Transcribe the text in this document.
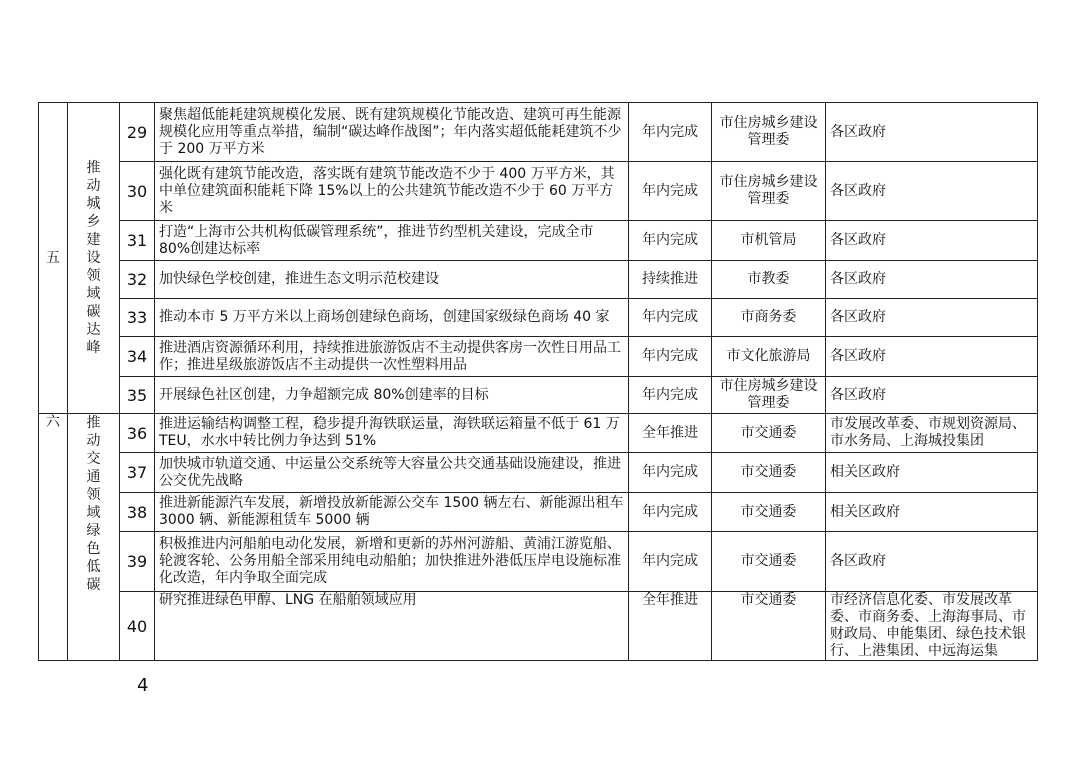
五	推动城乡建设领域碳达峰	29	聚焦超低能耗建筑规模化发展、既有建筑规模化节能改造、建筑可再生能源规模化应用等重点举措，编制“碳达峰作战图”；年内落实超低能耗建筑不少于 200 万平方米	年内完成	市住房城乡建设管理委	各区政府
		30	强化既有建筑节能改造，落实既有建筑节能改造不少于 400 万平方米，其中单位建筑面积能耗下降 15%以上的公共建筑节能改造不少于 60 万平方米	年内完成	市住房城乡建设管理委	各区政府
		31	打造“上海市公共机构低碳管理系统”，推进节约型机关建设，完成全市 80%创建达标率	年内完成	市机管局	各区政府
		32	加快绿色学校创建，推进生态文明示范校建设	持续推进	市教委	各区政府
		33	推动本市 5 万平方米以上商场创建绿色商场，创建国家级绿色商场 40 家	年内完成	市商务委	各区政府
		34	推进酒店资源循环利用，持续推进旅游饭店不主动提供客房一次性日用品工作；推进星级旅游饭店不主动提供一次性塑料用品	年内完成	市文化旅游局	各区政府
		35	开展绿色社区创建，力争超额完成 80%创建率的目标	年内完成	市住房城乡建设管理委	各区政府
六	推动交通领域绿色低碳	36	推进运输结构调整工程，稳步提升海铁联运量，海铁联运箱量不低于 61 万 TEU，水水中转比例力争达到 51%	全年推进	市交通委	市发展改革委、市规划资源局、市水务局、上海城投集团
		37	加快城市轨道交通、中运量公交系统等大容量公共交通基础设施建设，推进公交优先战略	年内完成	市交通委	相关区政府
		38	推进新能源汽车发展，新增投放新能源公交车 1500 辆左右、新能源出租车 3000 辆、新能源租赁车 5000 辆	年内完成	市交通委	相关区政府
		39	积极推进内河船舶电动化发展，新增和更新的苏州河游船、黄浦江游览船、轮渡客轮、公务用船全部采用纯电动船舶；加快推进外港低压岸电设施标准化改造，年内争取全面完成	年内完成	市交通委	各区政府
		40	研究推进绿色甲醇、LNG 在船舶领域应用	全年推进	市交通委	市经济信息化委、市发展改革委、市商务委、上海海事局、市财政局、申能集团、绿色技术银行、上港集团、中远海运集
4
